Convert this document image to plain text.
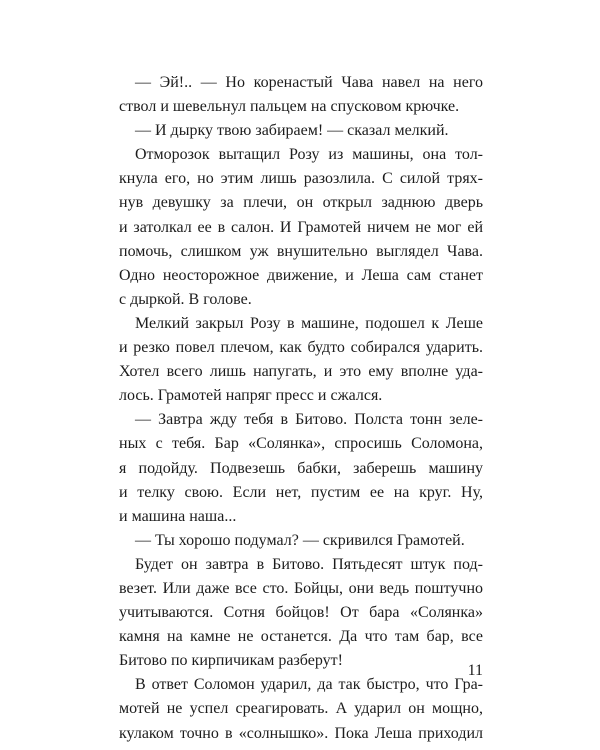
— Эй!.. — Но коренастый Чава навел на него
ствол и шевельнул пальцем на спусковом крючке.
— И дырку твою забираем! — сказал мелкий.
Отморозок вытащил Розу из машины, она тол-
кнула его, но этим лишь разозлила. С силой трях-
нув девушку за плечи, он открыл заднюю дверь
и затолкал ее в салон. И Грамотей ничем не мог ей
помочь, слишком уж внушительно выглядел Чава.
Одно неосторожное движение, и Леша сам станет
с дыркой. В голове.
Мелкий закрыл Розу в машине, подошел к Леше
и резко повел плечом, как будто собирался ударить.
Хотел всего лишь напугать, и это ему вполне уда-
лось. Грамотей напряг пресс и сжался.
— Завтра жду тебя в Битово. Полста тонн зеле-
ных с тебя. Бар «Солянка», спросишь Соломона,
я подойду. Подвезешь бабки, заберешь машину
и телку свою. Если нет, пустим ее на круг. Ну,
и машина наша...
— Ты хорошо подумал? — скривился Грамотей.
Будет он завтра в Битово. Пятьдесят штук под-
везет. Или даже все сто. Бойцы, они ведь поштучно
учитываются. Сотня бойцов! От бара «Солянка»
камня на камне не останется. Да что там бар, все
Битово по кирпичикам разберут!
В ответ Соломон ударил, да так быстро, что Гра-
мотей не успел среагировать. А ударил он мощно,
кулаком точно в «солнышко». Пока Леша приходил
11
